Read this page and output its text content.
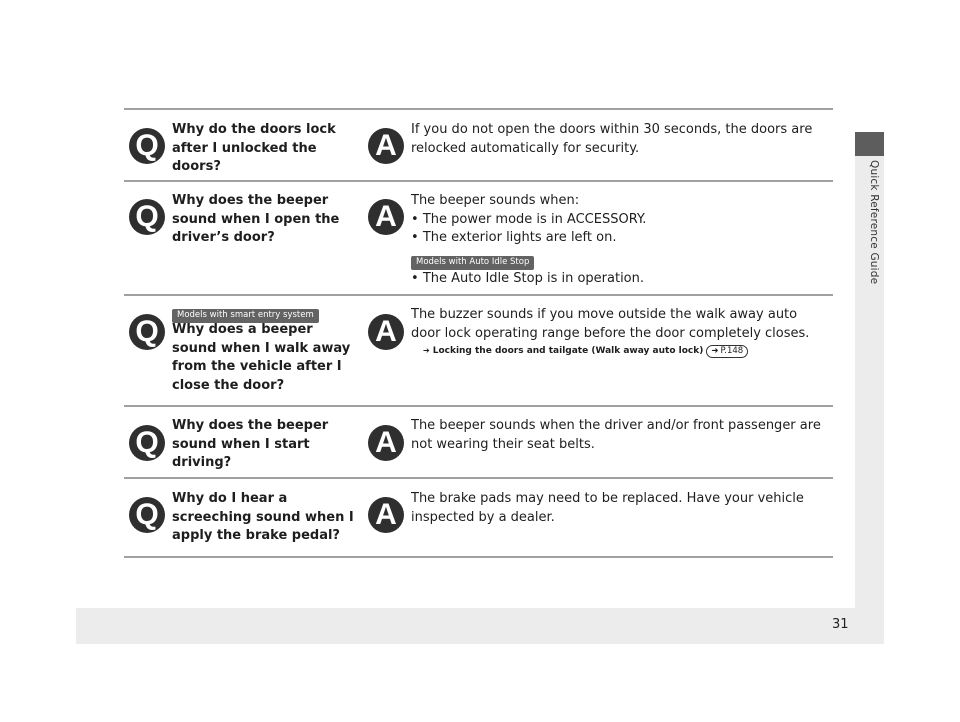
Quick Reference Guide
Q	Why do the doors lock after I unlocked the doors?
A	If you do not open the doors within 30 seconds, the doors are relocked automatically for security.
Q	Why does the beeper sound when I open the driver’s door?
A	The beeper sounds when:

• The power mode is in ACCESSORY.

• The exterior lights are left on.

Models with Auto Idle Stop

• The Auto Idle Stop is in operation.

Models with smart entry system
Q	Why does a beeper sound when I walk away from the vehicle after I close the door?
A

The buzzer sounds if you move outside the walk away auto door lock operating range before the door completely closes.

➔ Locking the doors and tailgate (Walk away auto lock) ➜ P.148
Q
Why does the beeper sound when I start driving?
A
The beeper sounds when the driver and/or front passenger are not wearing their seat belts.
Q	Why do I hear a screeching sound when I apply the brake pedal?
A	The brake pads may need to be replaced. Have your vehicle inspected by a dealer.
31
